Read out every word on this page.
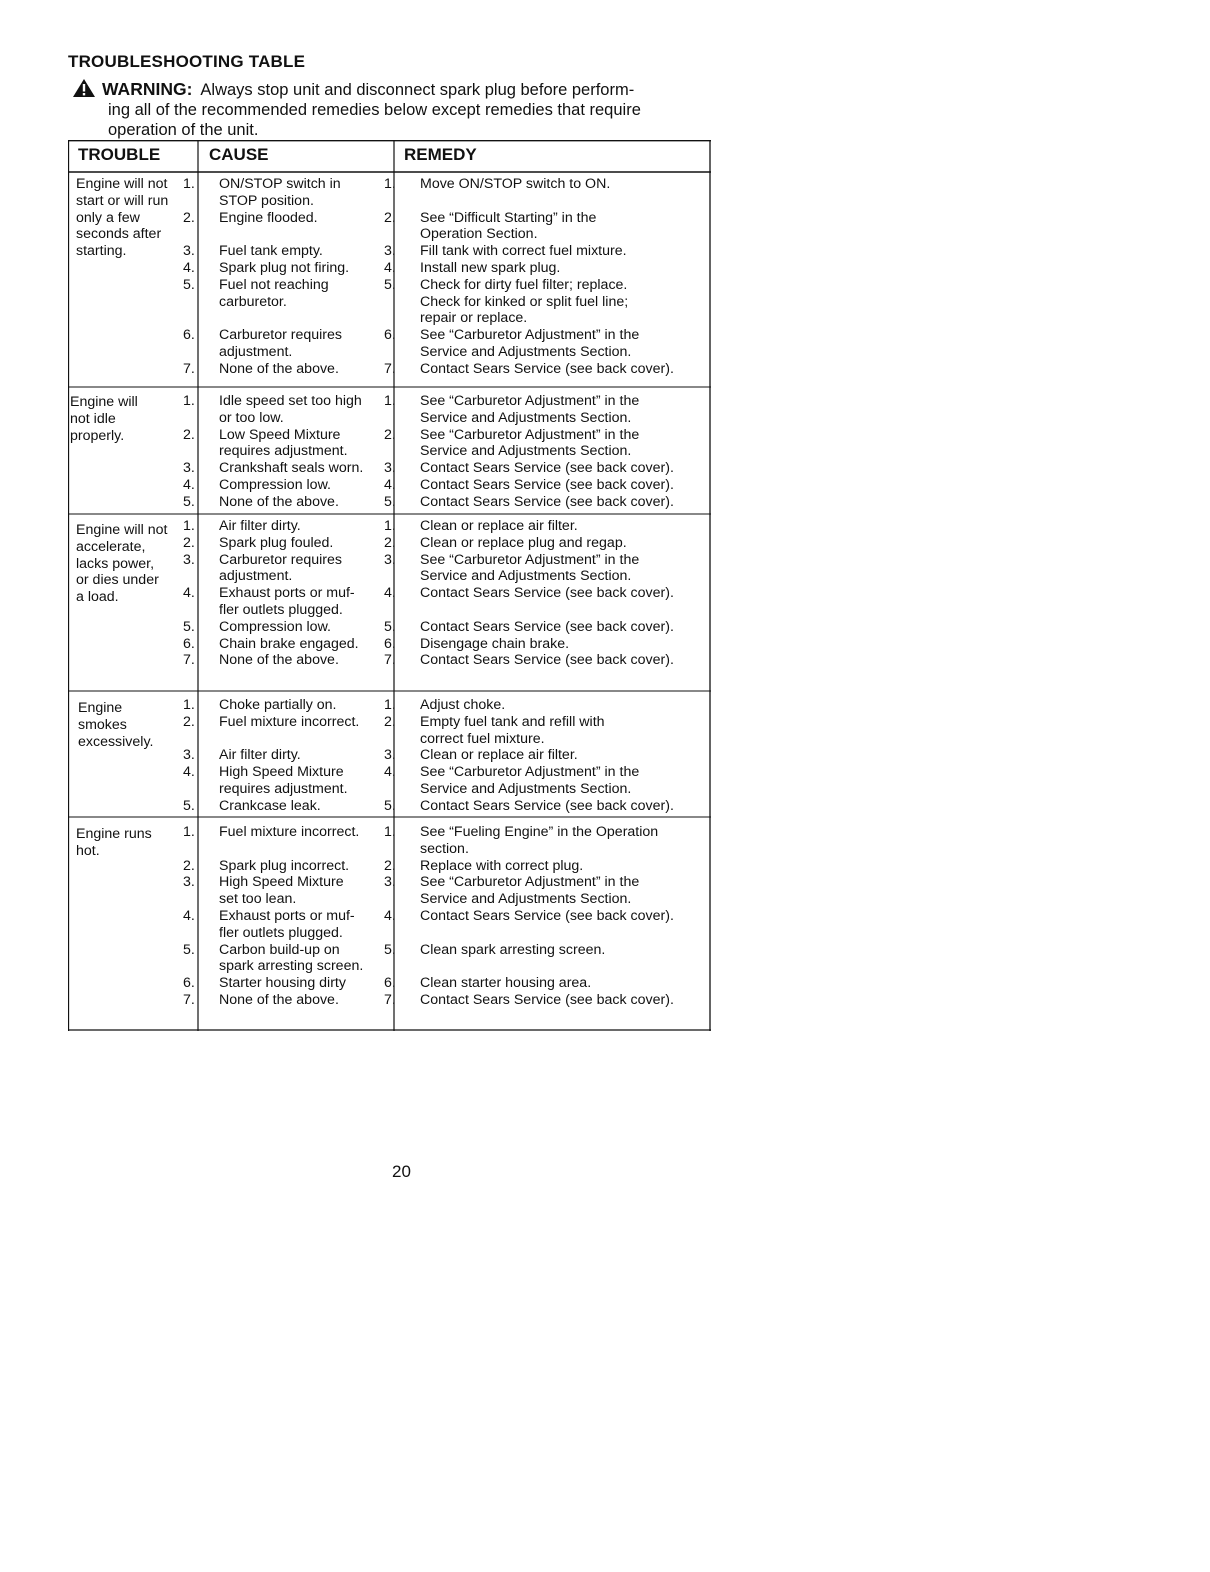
TROUBLESHOOTING TABLE
WARNING: Always stop unit and disconnect spark plug before perform-
ing all of the recommended remedies below except remedies that require
operation of the unit.
TROUBLE	CAUSE	REMEDY
Engine will not
start or will run
only a few
seconds after
starting.
1. ON/STOP switch in
STOP position.
2. Engine flooded.
3. Fuel tank empty.
4. Spark plug not firing.
5. Fuel not reaching
carburetor.
6. Carburetor requires
adjustment.
7. None of the above.
1. Move ON/STOP switch to ON.
2. See “Difficult Starting” in the
Operation Section.
3. Fill tank with correct fuel mixture.
4. Install new spark plug.
5. Check for dirty fuel filter; replace.
Check for kinked or split fuel line;
repair or replace.
6. See “Carburetor Adjustment” in the
Service and Adjustments Section.
7. Contact Sears Service (see back cover).
Engine will
not idle
properly.
1. Idle speed set too high
or too low.
2. Low Speed Mixture
requires adjustment.
3. Crankshaft seals worn.
4. Compression low.
5. None of the above.
1. See “Carburetor Adjustment” in the
Service and Adjustments Section.
2. See “Carburetor Adjustment” in the
Service and Adjustments Section.
3. Contact Sears Service (see back cover).
4. Contact Sears Service (see back cover).
5. Contact Sears Service (see back cover).
Engine will not
accelerate,
lacks power,
or dies under
a load.
1. Air filter dirty.
2. Spark plug fouled.
3. Carburetor requires
adjustment.
4. Exhaust ports or muf-
fler outlets plugged.
5. Compression low.
6. Chain brake engaged.
7. None of the above.
1. Clean or replace air filter.
2. Clean or replace plug and regap.
3. See “Carburetor Adjustment” in the
Service and Adjustments Section.
4. Contact Sears Service (see back cover).
5. Contact Sears Service (see back cover).
6. Disengage chain brake.
7. Contact Sears Service (see back cover).
Engine
smokes
excessively.
1. Choke partially on.
2. Fuel mixture incorrect.
3. Air filter dirty.
4. High Speed Mixture
requires adjustment.
5. Crankcase leak.
1. Adjust choke.
2. Empty fuel tank and refill with
correct fuel mixture.
3. Clean or replace air filter.
4. See “Carburetor Adjustment” in the
Service and Adjustments Section.
5. Contact Sears Service (see back cover).
Engine runs
hot.
1. Fuel mixture incorrect.
2. Spark plug incorrect.
3. High Speed Mixture
set too lean.
4. Exhaust ports or muf-
fler outlets plugged.
5. Carbon build-up on
spark arresting screen.
6. Starter housing dirty
7. None of the above.
1. See “Fueling Engine” in the Operation
section.
2. Replace with correct plug.
3. See “Carburetor Adjustment” in the
Service and Adjustments Section.
4. Contact Sears Service (see back cover).
5. Clean spark arresting screen.
6. Clean starter housing area.
7. Contact Sears Service (see back cover).
20
